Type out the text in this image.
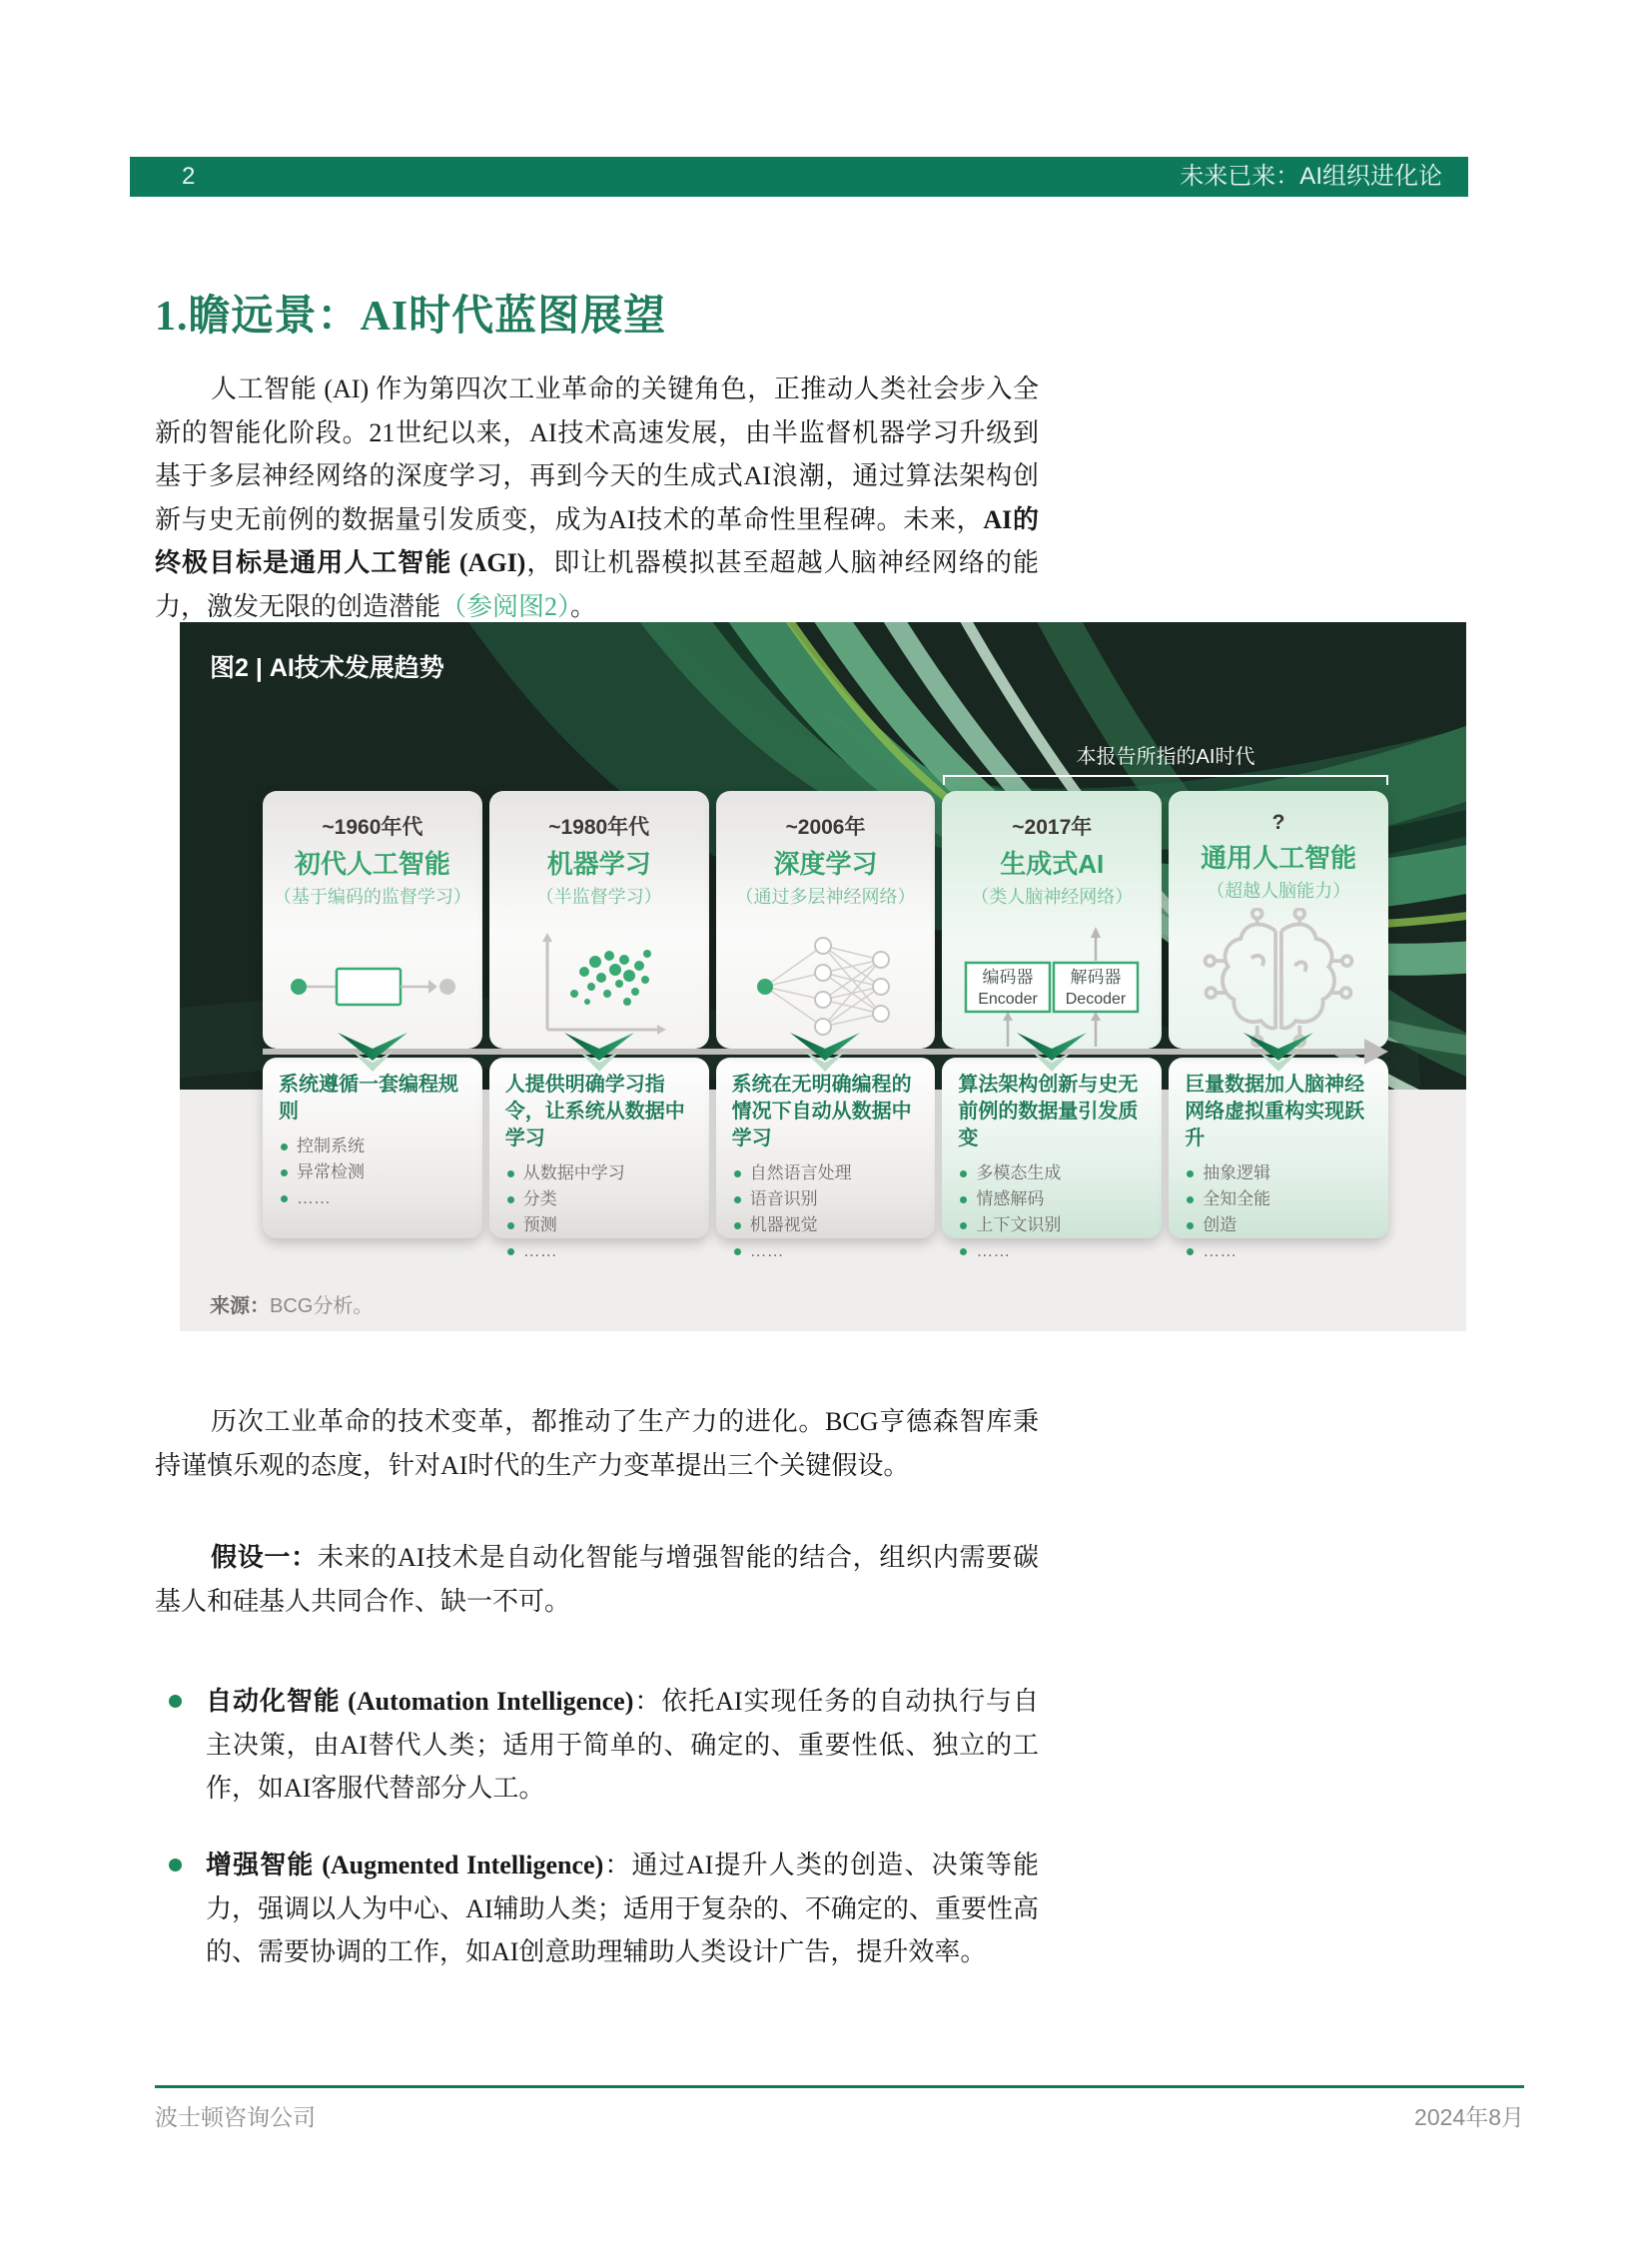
2	未来已来：AI组织进化论
1.瞻远景：AI时代蓝图展望

人工智能 (AI) 作为第四次工业革命的关键角色，正推动人类社会步入全新的智能化阶段。21世纪以来，AI技术高速发展，由半监督机器学习升级到基于多层神经网络的深度学习，再到今天的生成式AI浪潮，通过算法架构创新与史无前例的数据量引发质变，成为AI技术的革命性里程碑。未来，AI的终极目标是通用人工智能 (AGI)，即让机器模拟甚至超越人脑神经网络的能力，激发无限的创造潜能（参阅图2）。

图2 | AI技术发展趋势
本报告所指的AI时代
~1960年代
初代人工智能
（基于编码的监督学习）
系统遵循一套编程规则
控制系统
异常检测
……
~1980年代
机器学习
（半监督学习）
人提供明确学习指令，让系统从数据中学习
从数据中学习
分类
预测
……
~2006年
深度学习
（通过多层神经网络）
系统在无明确编程的情况下自动从数据中学习
自然语言处理
语音识别
机器视觉
……
~2017年
生成式AI
（类人脑神经网络）
编码器
Encoder
解码器
Decoder
算法架构创新与史无前例的数据量引发质变
多模态生成
情感解码
上下文识别
……
?
通用人工智能
（超越人脑能力）
巨量数据加人脑神经网络虚拟重构实现跃升
抽象逻辑
全知全能
创造
……
来源：BCG分析。

历次工业革命的技术变革，都推动了生产力的进化。BCG亨德森智库秉持谨慎乐观的态度，针对AI时代的生产力变革提出三个关键假设。

假设一：未来的AI技术是自动化智能与增强智能的结合，组织内需要碳基人和硅基人共同合作、缺一不可。

自动化智能 (Automation Intelligence)：依托AI实现任务的自动执行与自主决策，由AI替代人类；适用于简单的、确定的、重要性低、独立的工作，如AI客服代替部分人工。

增强智能 (Augmented Intelligence)：通过AI提升人类的创造、决策等能力，强调以人为中心、AI辅助人类；适用于复杂的、不确定的、重要性高的、需要协调的工作，如AI创意助理辅助人类设计广告，提升效率。

波士顿咨询公司	2024年8月
